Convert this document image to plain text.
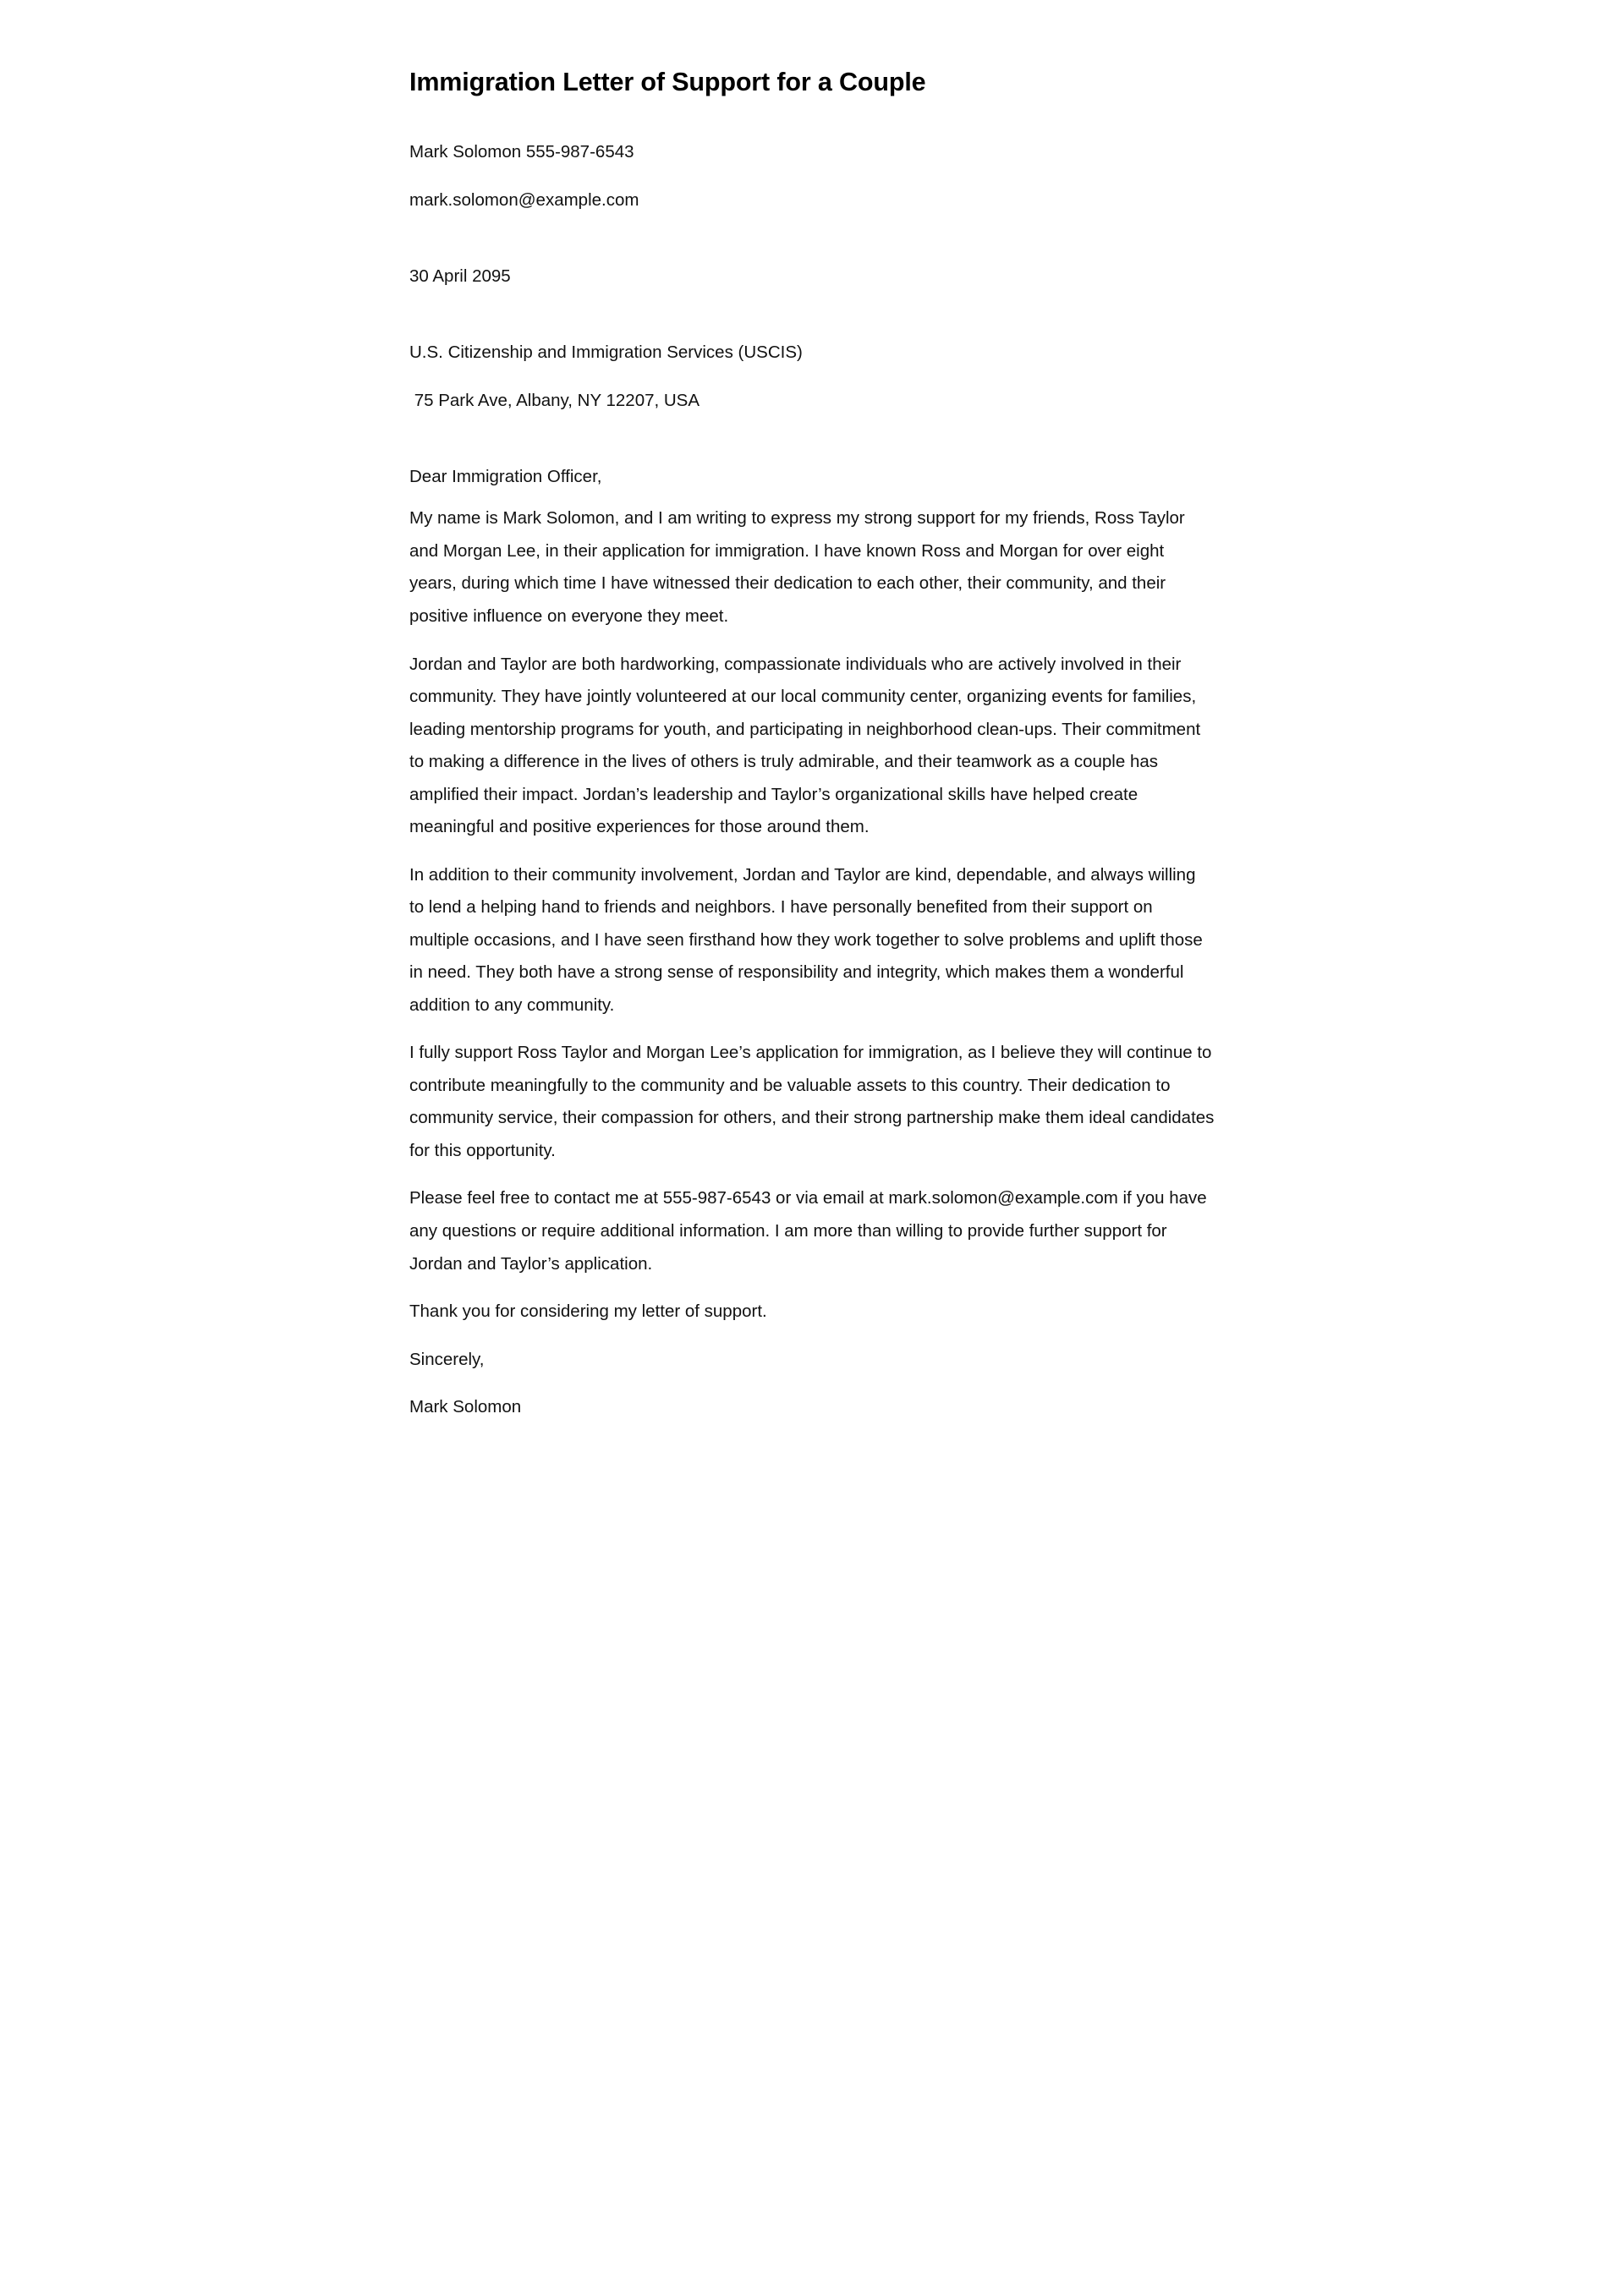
Immigration Letter of Support for a Couple

Mark Solomon 555-987-6543

mark.solomon@example.com

30 April 2095

U.S. Citizenship and Immigration Services (USCIS)

75 Park Ave, Albany, NY 12207, USA

Dear Immigration Officer,

My name is Mark Solomon, and I am writing to express my strong support for my friends, Ross Taylor and Morgan Lee, in their application for immigration. I have known Ross and Morgan for over eight years, during which time I have witnessed their dedication to each other, their community, and their positive influence on everyone they meet.

Jordan and Taylor are both hardworking, compassionate individuals who are actively involved in their community. They have jointly volunteered at our local community center, organizing events for families, leading mentorship programs for youth, and participating in neighborhood clean-ups. Their commitment to making a difference in the lives of others is truly admirable, and their teamwork as a couple has amplified their impact. Jordan’s leadership and Taylor’s organizational skills have helped create meaningful and positive experiences for those around them.

In addition to their community involvement, Jordan and Taylor are kind, dependable, and always willing to lend a helping hand to friends and neighbors. I have personally benefited from their support on multiple occasions, and I have seen firsthand how they work together to solve problems and uplift those in need. They both have a strong sense of responsibility and integrity, which makes them a wonderful addition to any community.

I fully support Ross Taylor and Morgan Lee’s application for immigration, as I believe they will continue to contribute meaningfully to the community and be valuable assets to this country. Their dedication to community service, their compassion for others, and their strong partnership make them ideal candidates for this opportunity.

Please feel free to contact me at 555-987-6543 or via email at mark.solomon@example.com if you have any questions or require additional information. I am more than willing to provide further support for Jordan and Taylor’s application.

Thank you for considering my letter of support.

Sincerely,

Mark Solomon
